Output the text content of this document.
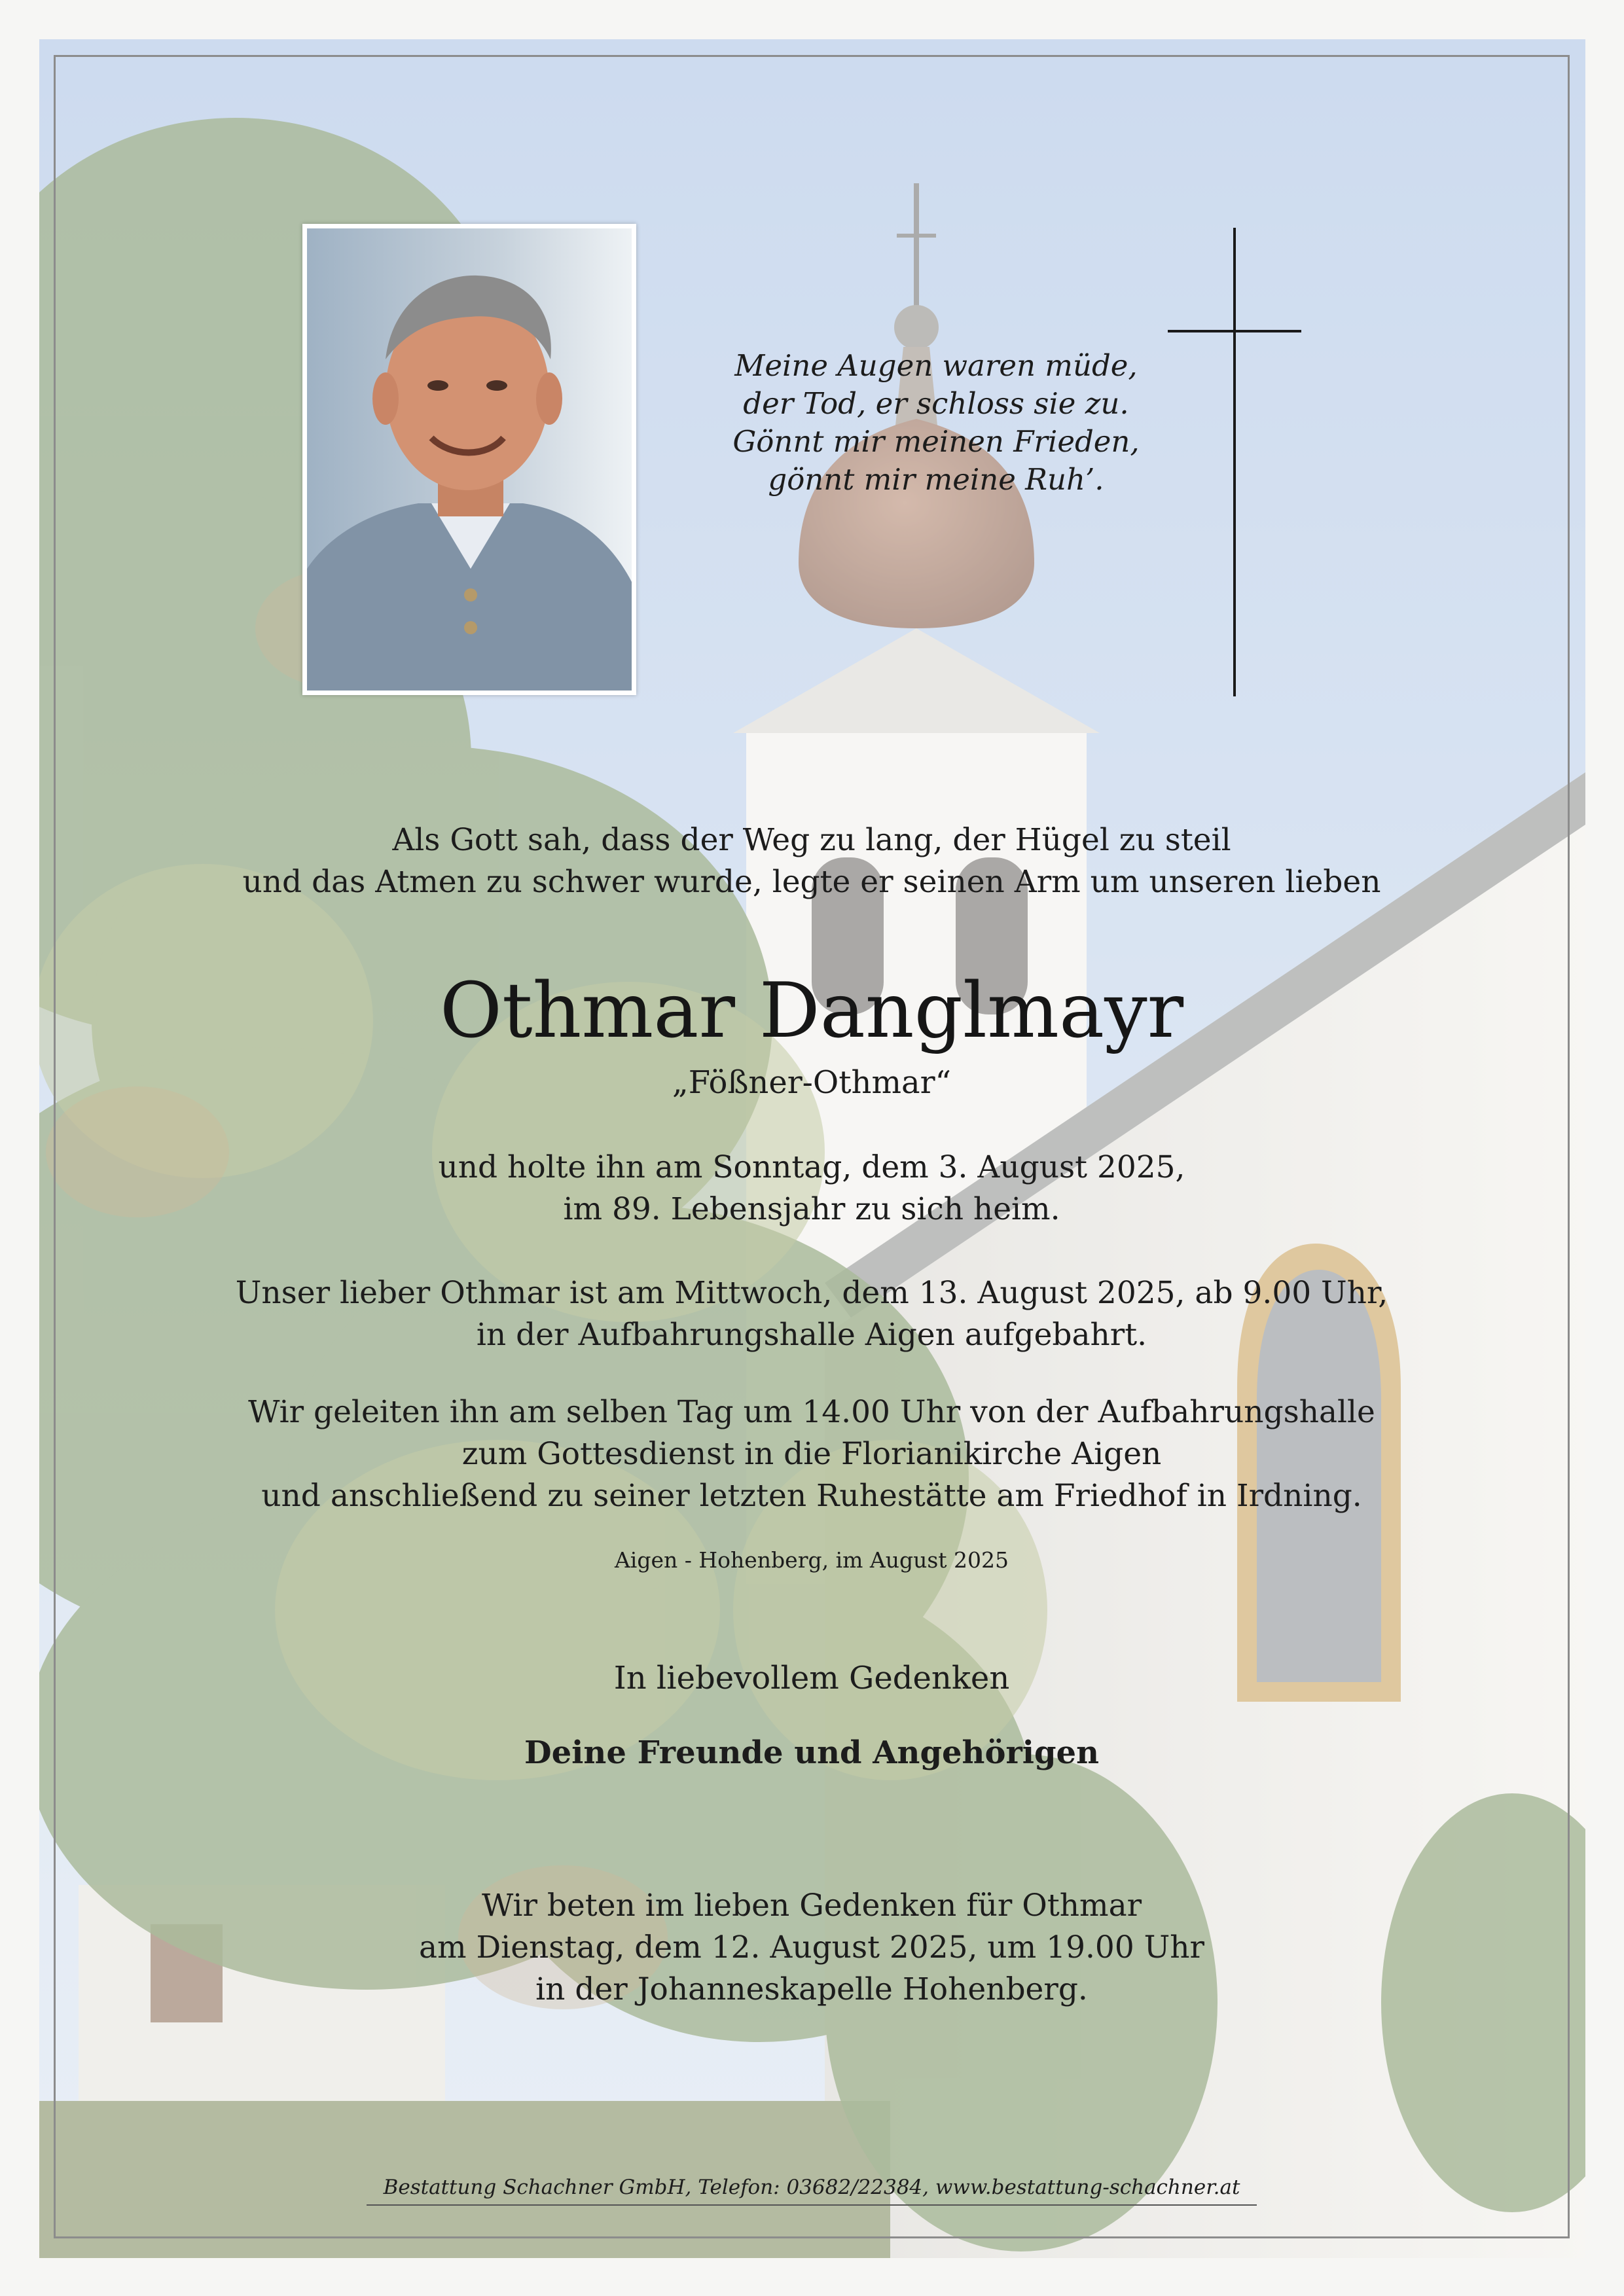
Meine Augen waren müde,
der Tod, er schloss sie zu.
Gönnt mir meinen Frieden,
gönnt mir meine Ruh’.
Als Gott sah, dass der Weg zu lang, der Hügel zu steil
und das Atmen zu schwer wurde, legte er seinen Arm um unseren lieben
Othmar Danglmayr
„Fößner-Othmar“
und holte ihn am Sonntag, dem 3. August 2025,
im 89. Lebensjahr zu sich heim.
Unser lieber Othmar ist am Mittwoch, dem 13. August 2025, ab 9.00 Uhr,
in der Aufbahrungshalle Aigen aufgebahrt.
Wir geleiten ihn am selben Tag um 14.00 Uhr von der Aufbahrungshalle
zum Gottesdienst in die Florianikirche Aigen
und anschließend zu seiner letzten Ruhestätte am Friedhof in Irdning.
Aigen - Hohenberg, im August 2025
In liebevollem Gedenken
Deine Freunde und Angehörigen
Wir beten im lieben Gedenken für Othmar
am Dienstag, dem 12. August 2025, um 19.00 Uhr
in der Johanneskapelle Hohenberg.
Bestattung Schachner GmbH, Telefon: 03682/22384, www.bestattung-schachner.at
